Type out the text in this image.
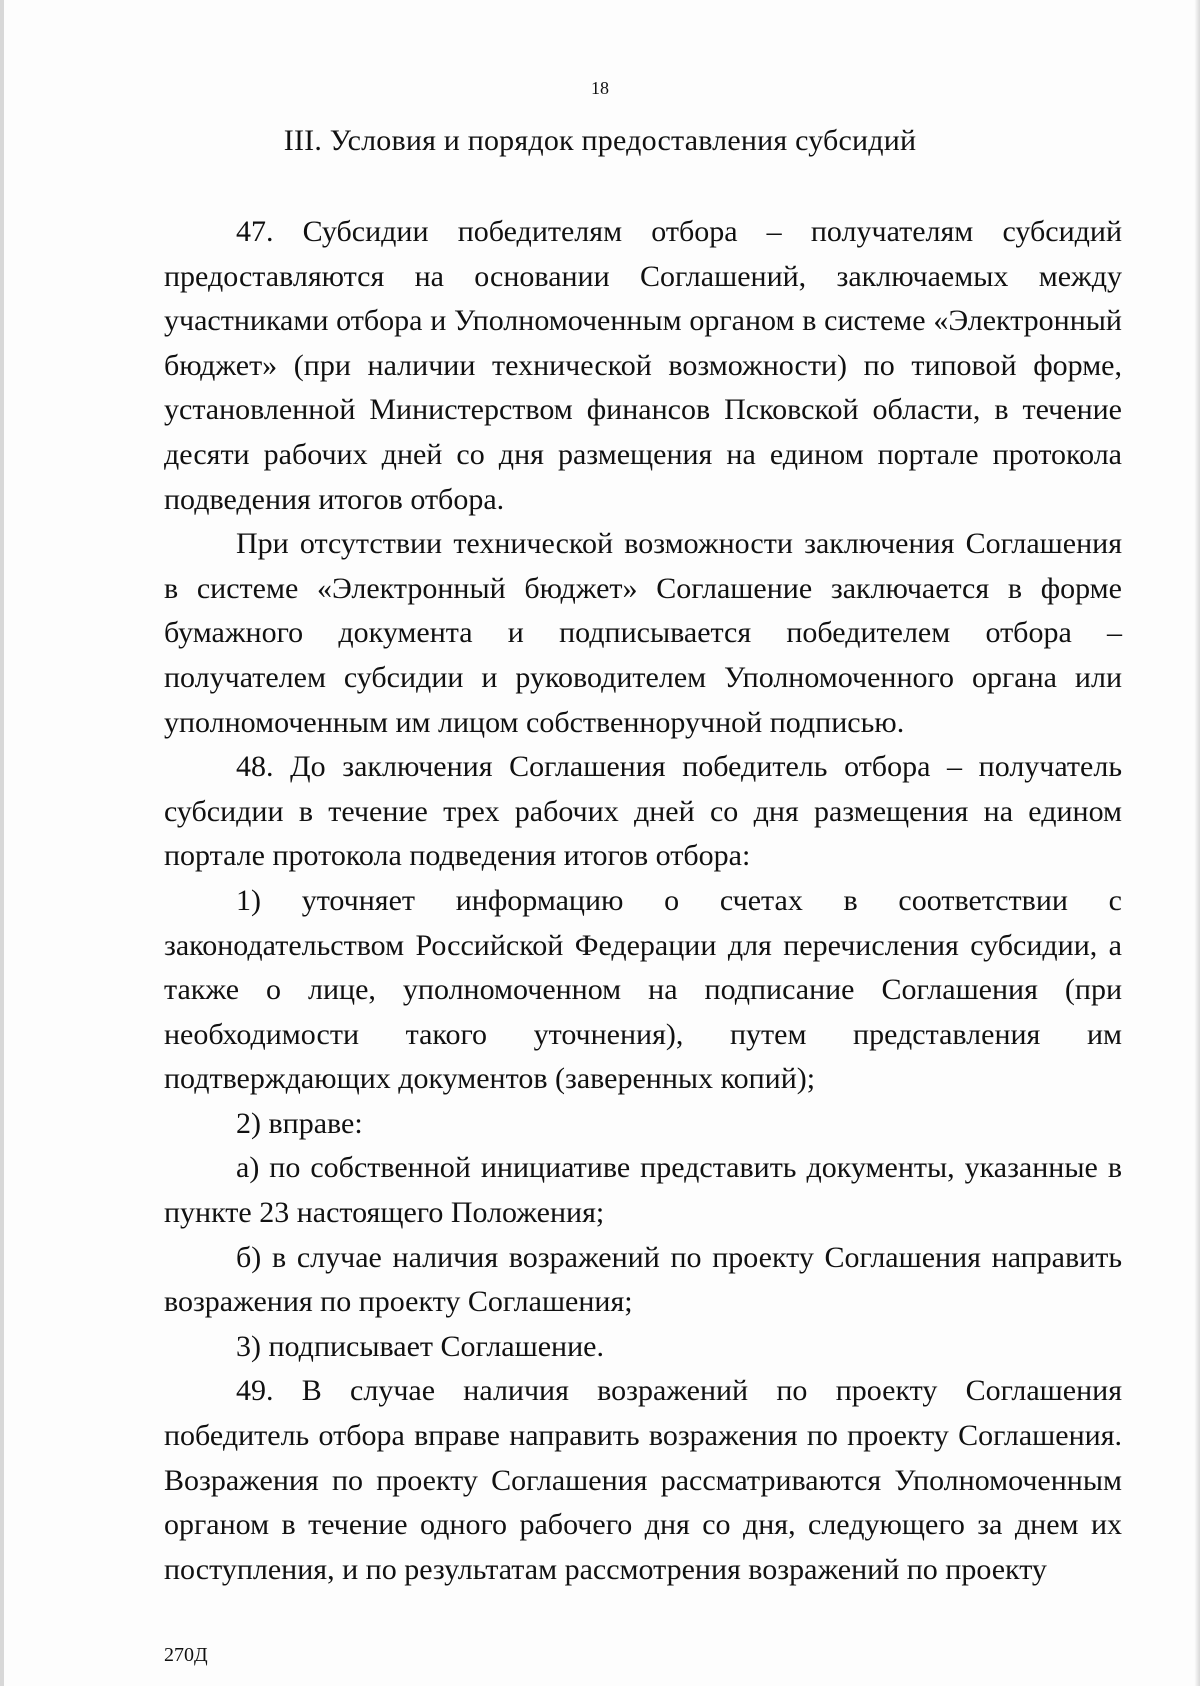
18
III. Условия и порядок предоставления субсидий

47. Субсидии победителям отбора – получателям субсидий предоставляются на основании Соглашений, заключаемых между участниками отбора и Уполномоченным органом в системе «Электронный бюджет» (при наличии технической возможности) по типовой форме, установленной Министерством финансов Псковской области, в течение десяти рабочих дней со дня размещения на едином портале протокола подведения итогов отбора.

При отсутствии технической возможности заключения Соглашения в системе «Электронный бюджет» Соглашение заключается в форме бумажного документа и подписывается победителем отбора – получателем субсидии и руководителем Уполномоченного органа или уполномоченным им лицом собственноручной подписью.

48. До заключения Соглашения победитель отбора – получатель субсидии в течение трех рабочих дней со дня размещения на едином портале протокола подведения итогов отбора:

1) уточняет информацию о счетах в соответствии с законодательством Российской Федерации для перечисления субсидии, а также о лице, уполномоченном на подписание Соглашения (при необходимости такого уточнения), путем представления им подтверждающих документов (заверенных копий);

2) вправе:

а) по собственной инициативе представить документы, указанные в пункте 23 настоящего Положения;

б) в случае наличия возражений по проекту Соглашения направить возражения по проекту Соглашения;

3) подписывает Соглашение.

49. В случае наличия возражений по проекту Соглашения победитель отбора вправе направить возражения по проекту Соглашения. Возражения по проекту Соглашения рассматриваются Уполномоченным органом в течение одного рабочего дня со дня, следующего за днем их поступления, и по результатам рассмотрения возражений по проекту

270Д
